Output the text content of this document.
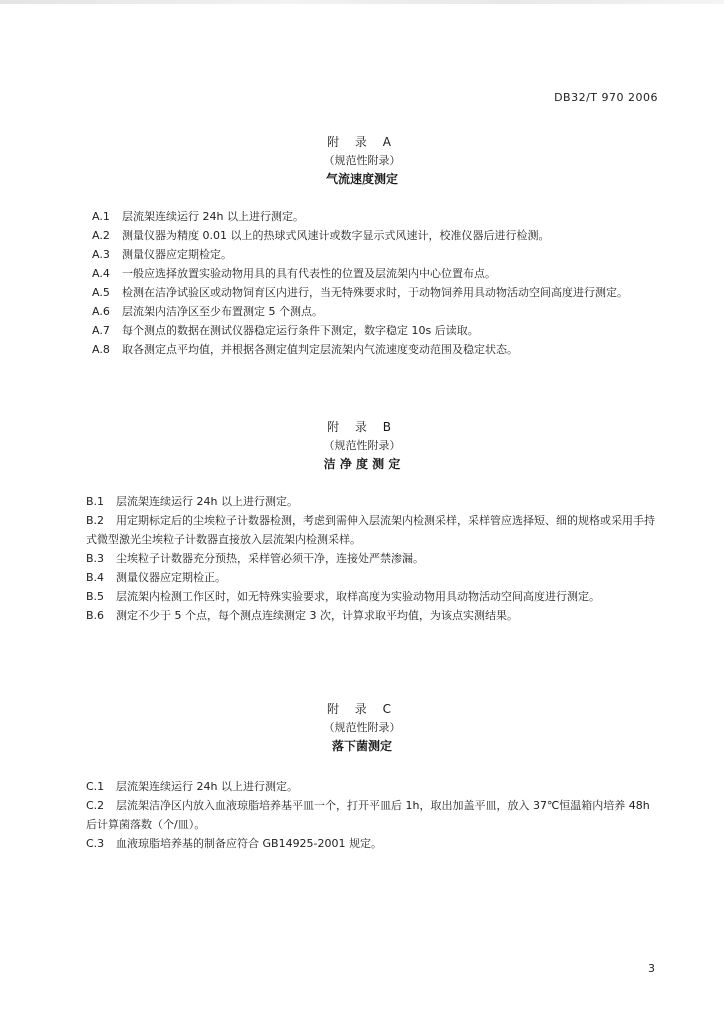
DB32/T 970 2006
附 录 A
（规范性附录）
气流速度测定
A.1 层流架连续运行 24h 以上进行测定。
A.2 测量仪器为精度 0.01 以上的热球式风速计或数字显示式风速计，校准仪器后进行检测。
A.3 测量仪器应定期检定。
A.4 一般应选择放置实验动物用具的具有代表性的位置及层流架内中心位置布点。
A.5 检测在洁净试验区或动物饲育区内进行，当无特殊要求时，于动物饲养用具动物活动空间高度进行测定。
A.6 层流架内洁净区至少布置测定 5 个测点。
A.7 每个测点的数据在测试仪器稳定运行条件下测定，数字稳定 10s 后读取。
A.8 取各测定点平均值，并根据各测定值判定层流架内气流速度变动范围及稳定状态。
附 录 B
（规范性附录）
洁 净 度 测 定
B.1 层流架连续运行 24h 以上进行测定。
B.2 用定期标定后的尘埃粒子计数器检测，考虑到需伸入层流架内检测采样，采样管应选择短、细的规格或采用手持式微型激光尘埃粒子计数器直接放入层流架内检测采样。
B.3 尘埃粒子计数器充分预热，采样管必须干净，连接处严禁渗漏。
B.4 测量仪器应定期检正。
B.5 层流架内检测工作区时，如无特殊实验要求，取样高度为实验动物用具动物活动空间高度进行测定。
B.6 测定不少于 5 个点，每个测点连续测定 3 次，计算求取平均值，为该点实测结果。
附 录 C
（规范性附录）
落下菌测定
C.1 层流架连续运行 24h 以上进行测定。
C.2 层流架洁净区内放入血液琼脂培养基平皿一个，打开平皿后 1h，取出加盖平皿，放入 37℃恒温箱内培养 48h 后计算菌落数（个/皿）。
C.3 血液琼脂培养基的制备应符合 GB14925-2001 规定。
3
